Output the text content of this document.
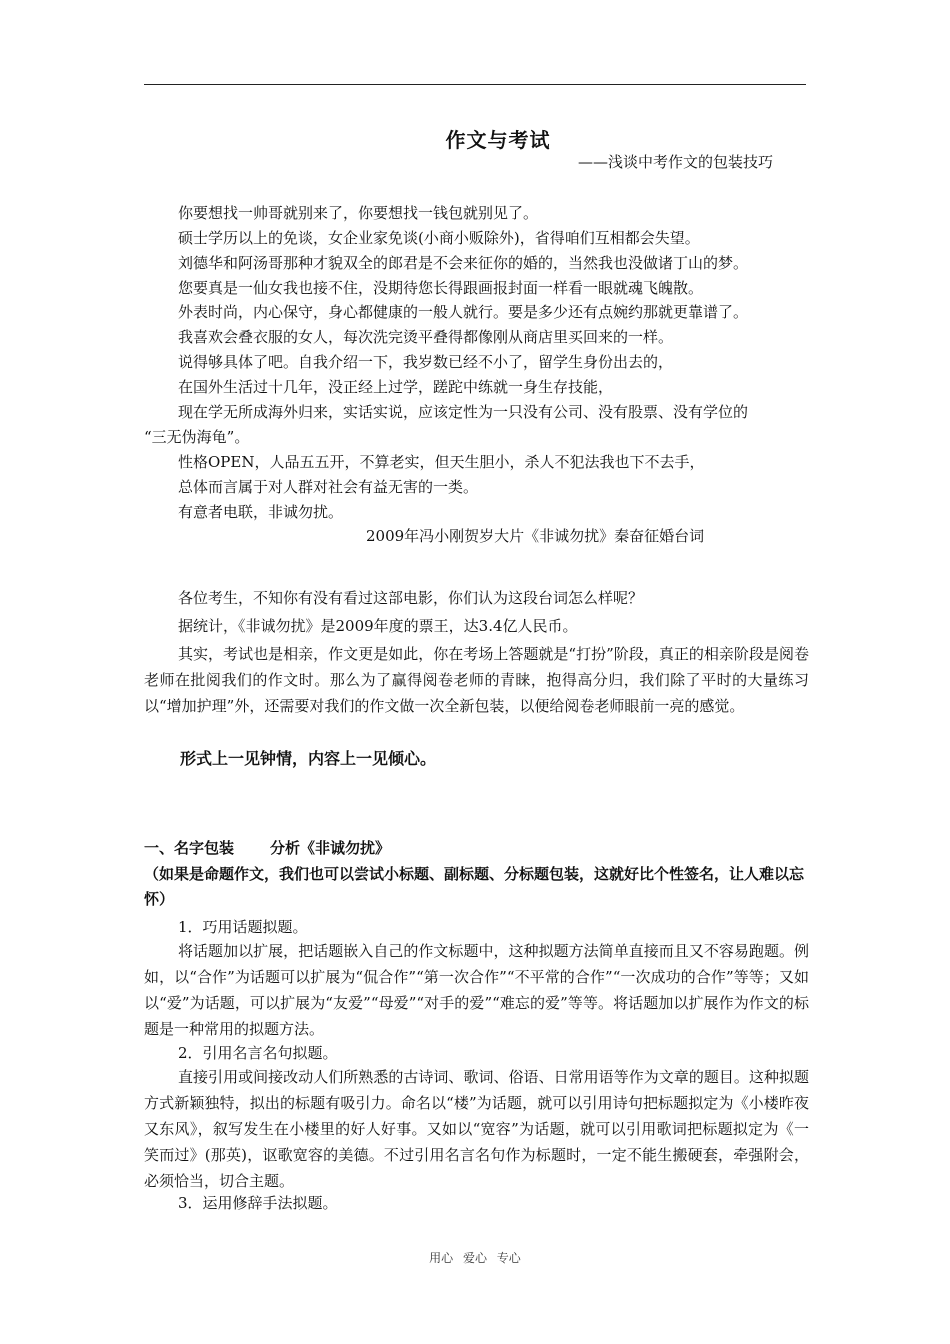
作文与考试
——浅谈中考作文的包装技巧
你要想找一帅哥就别来了，你要想找一钱包就别见了。
硕士学历以上的免谈，女企业家免谈(小商小贩除外)，省得咱们互相都会失望。
刘德华和阿汤哥那种才貌双全的郎君是不会来征你的婚的，当然我也没做诸丁山的梦。
您要真是一仙女我也接不住，没期待您长得跟画报封面一样看一眼就魂飞魄散。
外表时尚，内心保守，身心都健康的一般人就行。要是多少还有点婉约那就更靠谱了。
我喜欢会叠衣服的女人，每次洗完烫平叠得都像刚从商店里买回来的一样。
说得够具体了吧。自我介绍一下，我岁数已经不小了，留学生身份出去的，
在国外生活过十几年，没正经上过学，蹉跎中练就一身生存技能，
现在学无所成海外归来，实话实说，应该定性为一只没有公司、没有股票、没有学位的
“三无伪海龟”。
性格OPEN，人品五五开，不算老实，但天生胆小，杀人不犯法我也下不去手，
总体而言属于对人群对社会有益无害的一类。
有意者电联，非诚勿扰。
2009年冯小刚贺岁大片《非诚勿扰》秦奋征婚台词
各位考生，不知你有没有看过这部电影，你们认为这段台词怎么样呢？
据统计，《非诚勿扰》是2009年度的票王，达3.4亿人民币。
其实，考试也是相亲，作文更是如此，你在考场上答题就是“打扮”阶段，真正的相亲阶段是阅卷老师在批阅我们的作文时。那么为了赢得阅卷老师的青睐，抱得高分归，我们除了平时的大量练习以“增加护理”外，还需要对我们的作文做一次全新包装，以便给阅卷老师眼前一亮的感觉。
形式上一见钟情，内容上一见倾心。
一、名字包装 分析《非诚勿扰》
（如果是命题作文，我们也可以尝试小标题、副标题、分标题包装，这就好比个性签名，让人难以忘怀）
1．巧用话题拟题。
将话题加以扩展，把话题嵌入自己的作文标题中，这种拟题方法简单直接而且又不容易跑题。例如，以“合作”为话题可以扩展为“侃合作”“第一次合作”“不平常的合作”“一次成功的合作”等等；又如以“爱”为话题，可以扩展为“友爱”“母爱”“对手的爱”“难忘的爱”等等。将话题加以扩展作为作文的标题是一种常用的拟题方法。
2．引用名言名句拟题。
直接引用或间接改动人们所熟悉的古诗词、歌词、俗语、日常用语等作为文章的题目。这种拟题方式新颖独特，拟出的标题有吸引力。命名以“楼”为话题，就可以引用诗句把标题拟定为《小楼昨夜又东风》，叙写发生在小楼里的好人好事。又如以“宽容”为话题，就可以引用歌词把标题拟定为《一笑而过》(那英)，讴歌宽容的美德。不过引用名言名句作为标题时，一定不能生搬硬套，牵强附会，必须恰当，切合主题。
3．运用修辞手法拟题。
用心 爱心 专心
